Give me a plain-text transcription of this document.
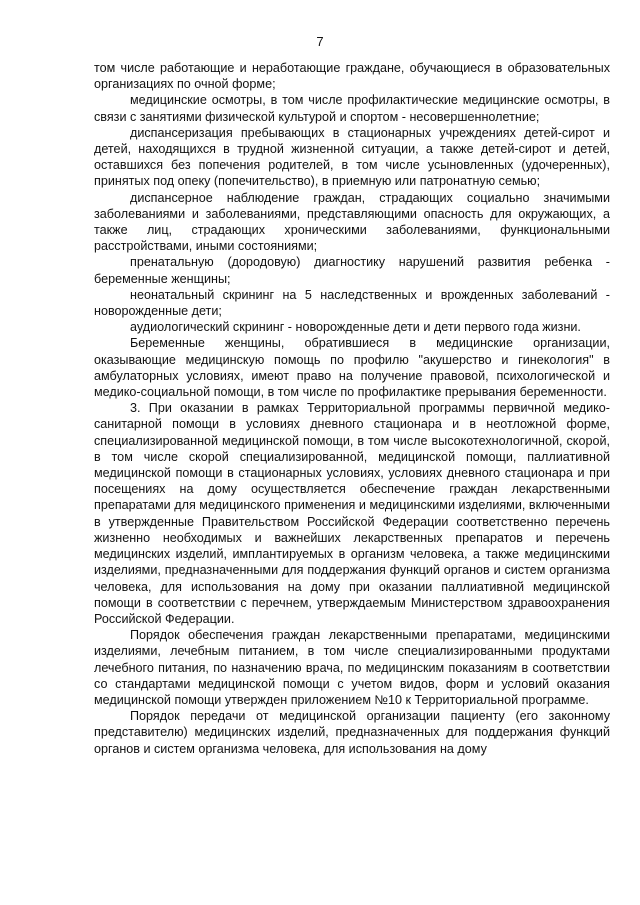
7

том числе работающие и неработающие граждане, обучающиеся в образовательных организациях по очной форме;

медицинские осмотры, в том числе профилактические медицинские осмотры, в связи с занятиями физической культурой и спортом - несовершеннолетние;

диспансеризация пребывающих в стационарных учреждениях детей-сирот и детей, находящихся в трудной жизненной ситуации, а также детей-сирот и детей, оставшихся без попечения родителей, в том числе усыновленных (удочеренных), принятых под опеку (попечительство), в приемную или патронатную семью;

диспансерное наблюдение граждан, страдающих социально значимыми заболеваниями и заболеваниями, представляющими опасность для окружающих, а также лиц, страдающих хроническими заболеваниями, функциональными расстройствами, иными состояниями;

пренатальную (дородовую) диагностику нарушений развития ребенка - беременные женщины;

неонатальный скрининг на 5 наследственных и врожденных заболеваний - новорожденные дети;

аудиологический скрининг - новорожденные дети и дети первого года жизни.

Беременные женщины, обратившиеся в медицинские организации, оказывающие медицинскую помощь по профилю "акушерство и гинекология" в амбулаторных условиях, имеют право на получение правовой, психологической и медико-социальной помощи, в том числе по профилактике прерывания беременности.

3. При оказании в рамках Территориальной программы первичной медико-санитарной помощи в условиях дневного стационара и в неотложной форме, специализированной медицинской помощи, в том числе высокотехнологичной, скорой, в том числе скорой специализированной, медицинской помощи, паллиативной медицинской помощи в стационарных условиях, условиях дневного стационара и при посещениях на дому осуществляется обеспечение граждан лекарственными препаратами для медицинского применения и медицинскими изделиями, включенными в утвержденные Правительством Российской Федерации соответственно перечень жизненно необходимых и важнейших лекарственных препаратов и перечень медицинских изделий, имплантируемых в организм человека, а также медицинскими изделиями, предназначенными для поддержания функций органов и систем организма человека, для использования на дому при оказании паллиативной медицинской помощи в соответствии с перечнем, утверждаемым Министерством здравоохранения Российской Федерации.

Порядок обеспечения граждан лекарственными препаратами, медицинскими изделиями, лечебным питанием, в том числе специализированными продуктами лечебного питания, по назначению врача, по медицинским показаниям в соответствии со стандартами медицинской помощи с учетом видов, форм и условий оказания медицинской помощи утвержден приложением №10 к Территориальной программе.

Порядок передачи от медицинской организации пациенту (его законному представителю) медицинских изделий, предназначенных для поддержания функций органов и систем организма человека, для использования на дому
